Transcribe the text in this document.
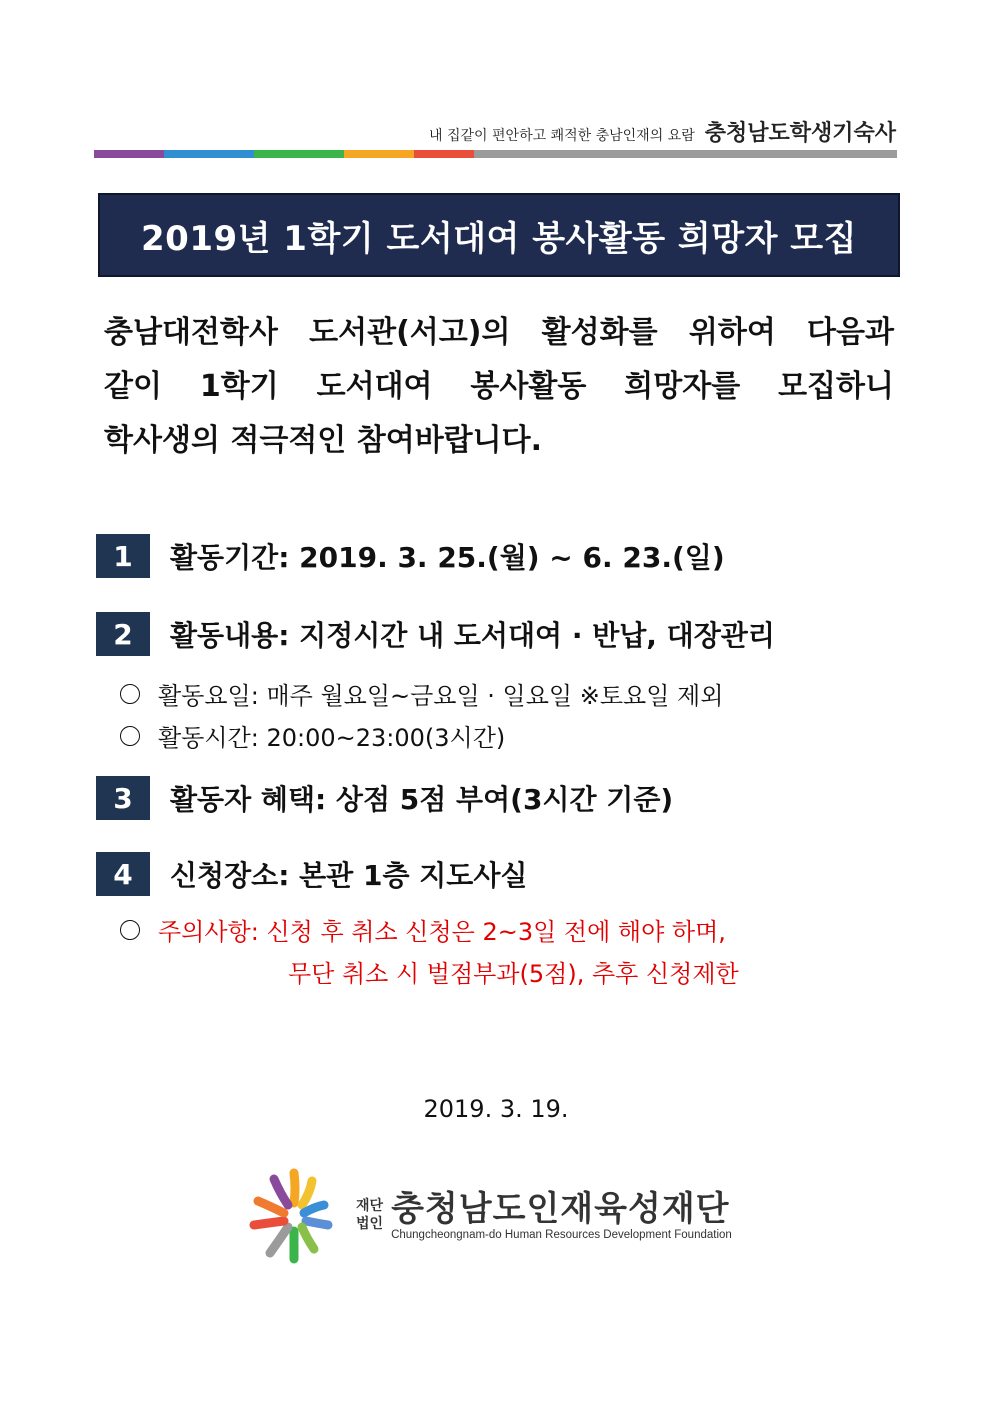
내 집같이 편안하고 쾌적한 충남인재의 요람 충청남도학생기숙사
2019년 1학기 도서대여 봉사활동 희망자 모집

충남대전학사 도서관(서고)의 활성화를 위하여 다음과

같이 1학기 도서대여 봉사활동 희망자를 모집하니

학사생의 적극적인 참여바랍니다.

1	활동기간: 2019. 3. 25.(월) ~ 6. 23.(일)
2	활동내용: 지정시간 내 도서대여 · 반납, 대장관리
활동요일: 매주 월요일~금요일 · 일요일 ※토요일 제외
활동시간: 20:00~23:00(3시간)
3	활동자 혜택: 상점 5점 부여(3시간 기준)
4	신청장소: 본관 1층 지도사실
주의사항: 신청 후 취소 신청은 2~3일 전에 해야 하며,
무단 취소 시 벌점부과(5점), 추후 신청제한
2019. 3. 19.
재단
법인 충청남도인재육성재단
Chungcheongnam-do Human Resources Development Foundation
